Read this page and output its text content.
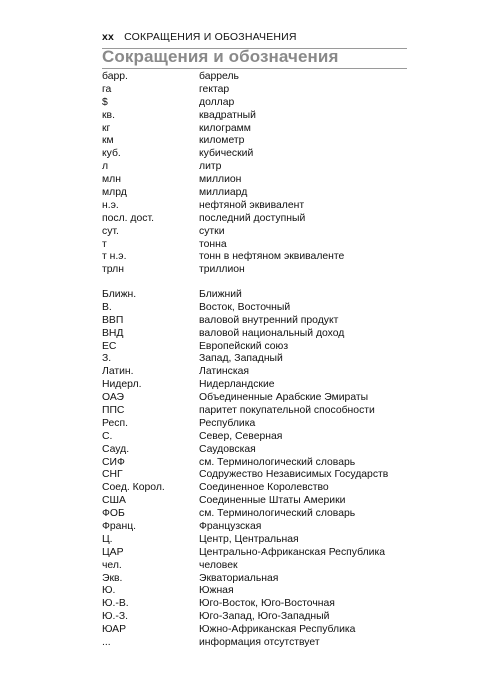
xx СОКРАЩЕНИЯ И ОБОЗНАЧЕНИЯ
Сокращения и обозначения
барр.	баррель
га	гектар
$	доллар
кв.	квадратный
кг	килограмм
км	километр
куб.	кубический
л	литр
млн	миллион
млрд	миллиард
н.э.	нефтяной эквивалент
посл. дост.	последний доступный
сут.	сутки
т	тонна
т н.э.	тонн в нефтяном эквиваленте
трлн	триллион
Ближн.	Ближний
В.	Восток, Восточный
ВВП	валовой внутренний продукт
ВНД	валовой национальный доход
ЕС	Европейский союз
З.	Запад, Западный
Латин.	Латинская
Нидерл.	Нидерландские
ОАЭ	Объединенные Арабские Эмираты
ППС	паритет покупательной способности
Респ.	Республика
С.	Север, Северная
Сауд.	Саудовская
СИФ	см. Терминологический словарь
СНГ	Содружество Независимых Государств
Соед. Корол.	Соединенное Королевство
США	Соединенные Штаты Америки
ФОБ	см. Терминологический словарь
Франц.	Французская
Ц.	Центр, Центральная
ЦАР	Центрально-Африканская Республика
чел.	человек
Экв.	Экваториальная
Ю.	Южная
Ю.-В.	Юго-Восток, Юго-Восточная
Ю.-З.	Юго-Запад, Юго-Западный
ЮАР	Южно-Африканская Республика
...	информация отсутствует
